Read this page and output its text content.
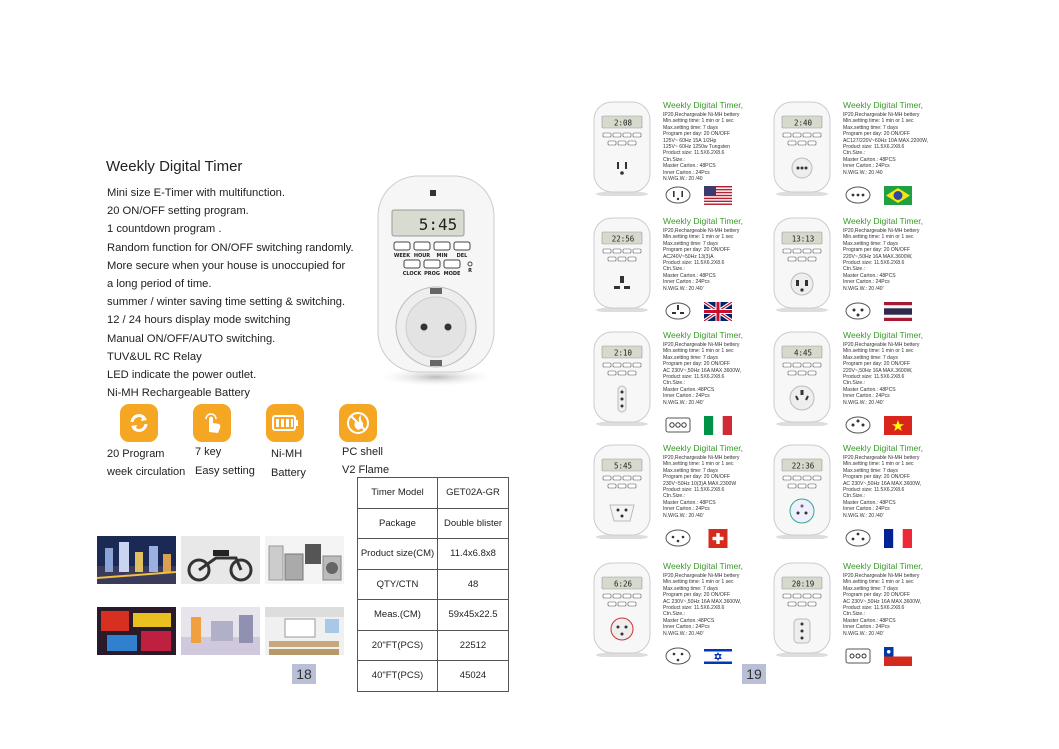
Weekly Digital Timer
Mini size E-Timer with multifunction.
20 ON/OFF setting program.
1 countdown program .
Random function for ON/OFF switching randomly.
More secure when your house is unoccupied for
a long period of time.
summer / winter saving time setting & switching.
12 / 24 hours display mode switching
Manual ON/OFF/AUTO switching.
TUV&UL RC Relay
LED indicate the power outlet.
Ni-MH Rechargeable Battery
5:45
WEEK HOUR MIN DEL
CLOCK PROG MODE R
20 Program
week circulation
7 key
Easy setting
Ni-MH
Battery
PC shell
V2 Flame
Timer Model	GET02A-GR
Package	Double blister
Product size(CM)	11.4x6.8x8
QTY/CTN	48
Meas.(CM)	59x45x22.5
20"FT(PCS)	22512
40"FT(PCS)	45024
18
2:08
Weekly Digital Timer,
IP20,Rechargeable Ni-MH bettery
Min.setting time: 1 min or 1 sec
Max.setting time: 7 days
Program per day: 20 ON/OFF
125V~ 60Hz 15A 1/2Hp
125V~ 60Hz 1250w Tungsten
Product size: 11.5X6.2X8.6
Ctn.Size.:
Master Carton.: 48PCS
Inner Carton.: 24Pcs
N.W/G.W.: 20 /40
2:40
Weekly Digital Timer,
IP20,Rechargeable Ni-MH bettery
Min.setting time: 1 min or 1 sec
Max.setting time: 7 days
Program per day: 20 ON/OFF
AC127/220V~60Hz 10A MAX.2200W,
Product size: 11.5X6.2X8.6
Ctn.Size.:
Master Carton.: 48PCS
Inner Carton.: 24Pcs
N.W/G.W.: 20 /40
22:56
Weekly Digital Timer,
IP20,Rechargeable Ni-MH bettery
Min.setting time: 1 min or 1 sec
Max.setting time: 7 days
Program per day: 20 ON/OFF
AC240V~50Hz 13(3)A
Product size: 11.5X6.2X8.6
Ctn.Size.:
Master Carton.: 48PCS
Inner Carton.: 24Pcs
N.W/G.W.: 20 /40'
13:13
Weekly Digital Timer,
IP20,Rechargeable Ni-MH bettery
Min.setting time: 1 min or 1 sec
Max.setting time: 7 days
Program per day: 20 ON/OFF
220V~,50Hz 16A MAX.3600W,
Product size: 11.5X6.2X8.6
Ctn.Size.:
Master Carton.: 48PCS
Inner Carton.: 24Pcs
N.W/G.W.: 20 /40'
2:10
Weekly Digital Timer,
IP20,Rechargeable Ni-MH bettery
Min.setting time: 1 min or 1 sec
Max.setting time: 7 days
Program per day: 20 ON/OFF
AC 230V~,50Hz 16A MAX.3600W,
Product size: 11.5X6.2X8.6
Ctn.Size.:
Master Carton.:48PCS
Inner Carton.: 24Pcs
N.W/G.W.: 20 /40'
4:45
Weekly Digital Timer,
IP20,Rechargeable Ni-MH bettery
Min.setting time: 1 min or 1 sec
Max.setting time: 7 days
Program per day: 20 ON/OFF
220V~,50Hz 16A MAX.3600W,
Product size: 11.5X6.2X8.6
Ctn.Size.:
Master Carton.: 48PCS
Inner Carton.: 24Pcs
N.W/G.W.: 20 /40'
5:45
Weekly Digital Timer,
IP20,Rechargeable Ni-MH bettery
Min.setting time: 1 min or 1 sec
Max.setting time: 7 days
Program per day: 20 ON/OFF
230V~50Hz 10(3)A MAX.2300W
Product size: 11.5X6.2X8.6
Ctn.Size.:
Master Carton.: 48PCS
Inner Carton.: 24Pcs
N.W/G.W.: 20 /40'
22:36
Weekly Digital Timer,
IP20,Rechargeable Ni-MH bettery
Min.setting time: 1 min or 1 sec
Max.setting time: 7 days
Program per day: 20 ON/OFF
AC 230V~,50Hz 16A MAX.3600W,
Product size: 11.5X6.2X8.6
Ctn.Size.:
Master Carton.: 48PCS
Inner Carton.: 24Pcs
N.W/G.W.: 20 /40'
6:26
Weekly Digital Timer,
IP20,Rechargeable Ni-MH bettery
Min.setting time: 1 min or 1 sec
Max.setting time: 7 days
Program per day: 20 ON/OFF
AC 230V~,50Hz 16A MAX.3600W,
Product size: 11.5X6.2X8.6
Ctn.Size.:
Master Carton.:48PCS
Inner Carton.: 24Pcs
N.W/G.W.: 20 /40'
20:19
Weekly Digital Timer,
IP20,Rechargeable Ni-MH bettery
Min.setting time: 1 min or 1 sec
Max.setting time: 7 days
Program per day: 20 ON/OFF
AC 230V~,50Hz 16A MAX.3600W,
Product size: 11.5X6.2X8.6
Ctn.Size.:
Master Carton.: 48PCS
Inner Carton.: 24Pcs
N.W/G.W.: 20 /40'
19
